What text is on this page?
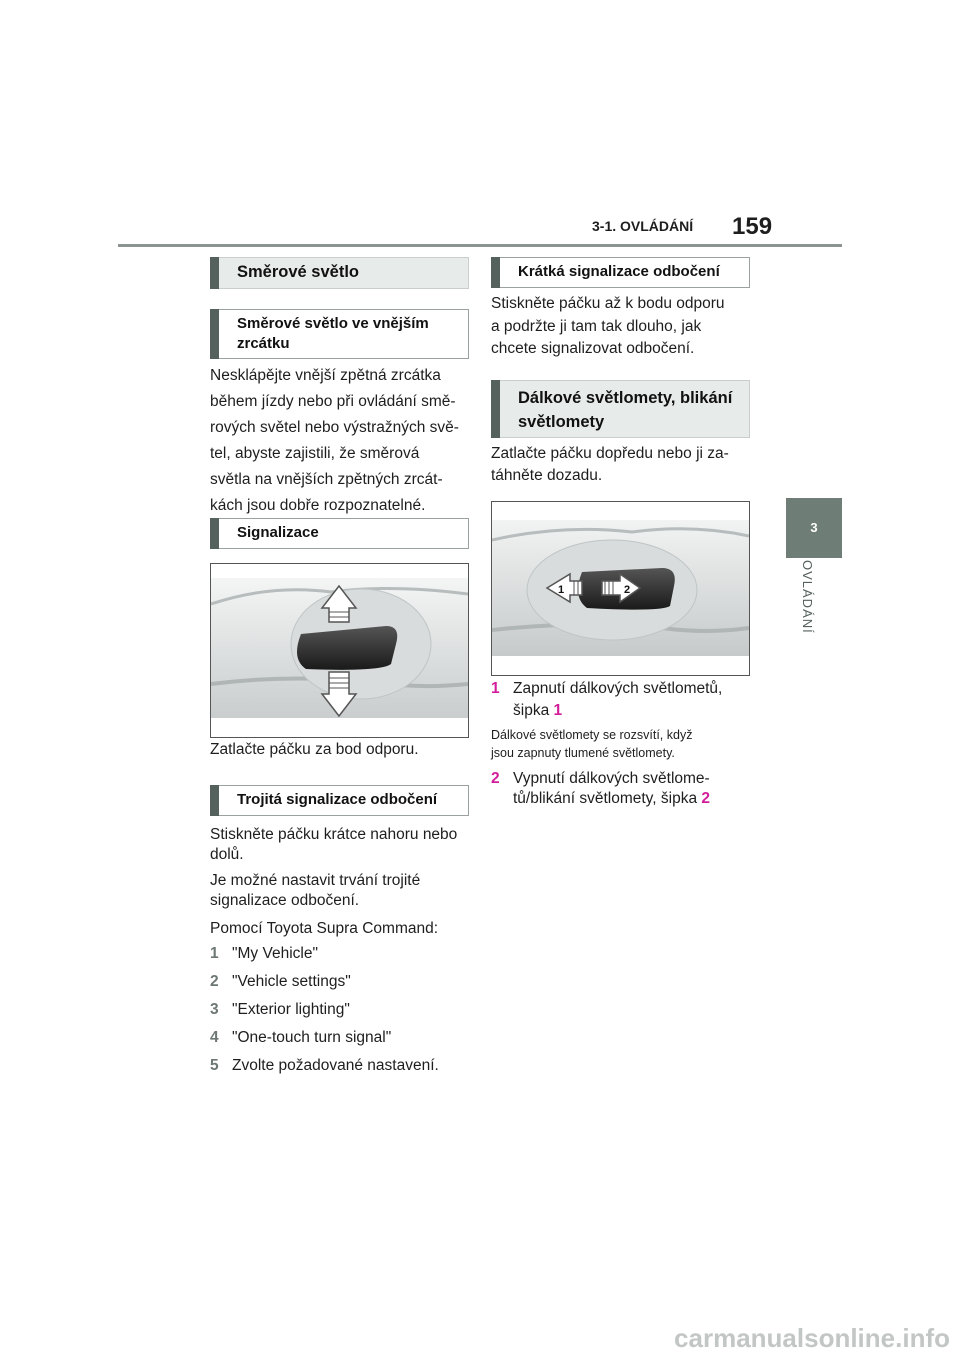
3-1. OVLÁDÁNÍ 159
3
OVLÁDÁNÍ
Směrové světlo
Směrové světlo ve vnějším zrcátku

Nesklápějte vnější zpětná zrcátka

během jízdy nebo při ovládání smě-

rových světel nebo výstražných svě-

tel, abyste zajistili, že směrová

světla na vnějších zpětných zrcát-

kách jsou dobře rozpoznatelné.

Signalizace

Zatlačte páčku za bod odporu.

Trojitá signalizace odbočení

Stiskněte páčku krátce nahoru nebo

dolů.

Je možné nastavit trvání trojité

signalizace odbočení.

Pomocí Toyota Supra Command:

1 "My Vehicle"
2 "Vehicle settings"
3 "Exterior lighting"
4 "One-touch turn signal"
5 Zvolte požadované nastavení.
Krátká signalizace odbočení

Stiskněte páčku až k bodu odporu

a podržte ji tam tak dlouho, jak

chcete signalizovat odbočení.

Dálkové světlomety, blikání
světlomety

Zatlačte páčku dopředu nebo ji za-

táhněte dozadu.

1	2
1 Zapnutí dálkových světlometů,
šipka 1

Dálkové světlomety se rozsvítí, když

jsou zapnuty tlumené světlomety.

2 Vypnutí dálkových světlome-
tů/blikání světlomety, šipka 2
carmanualsonline.info
